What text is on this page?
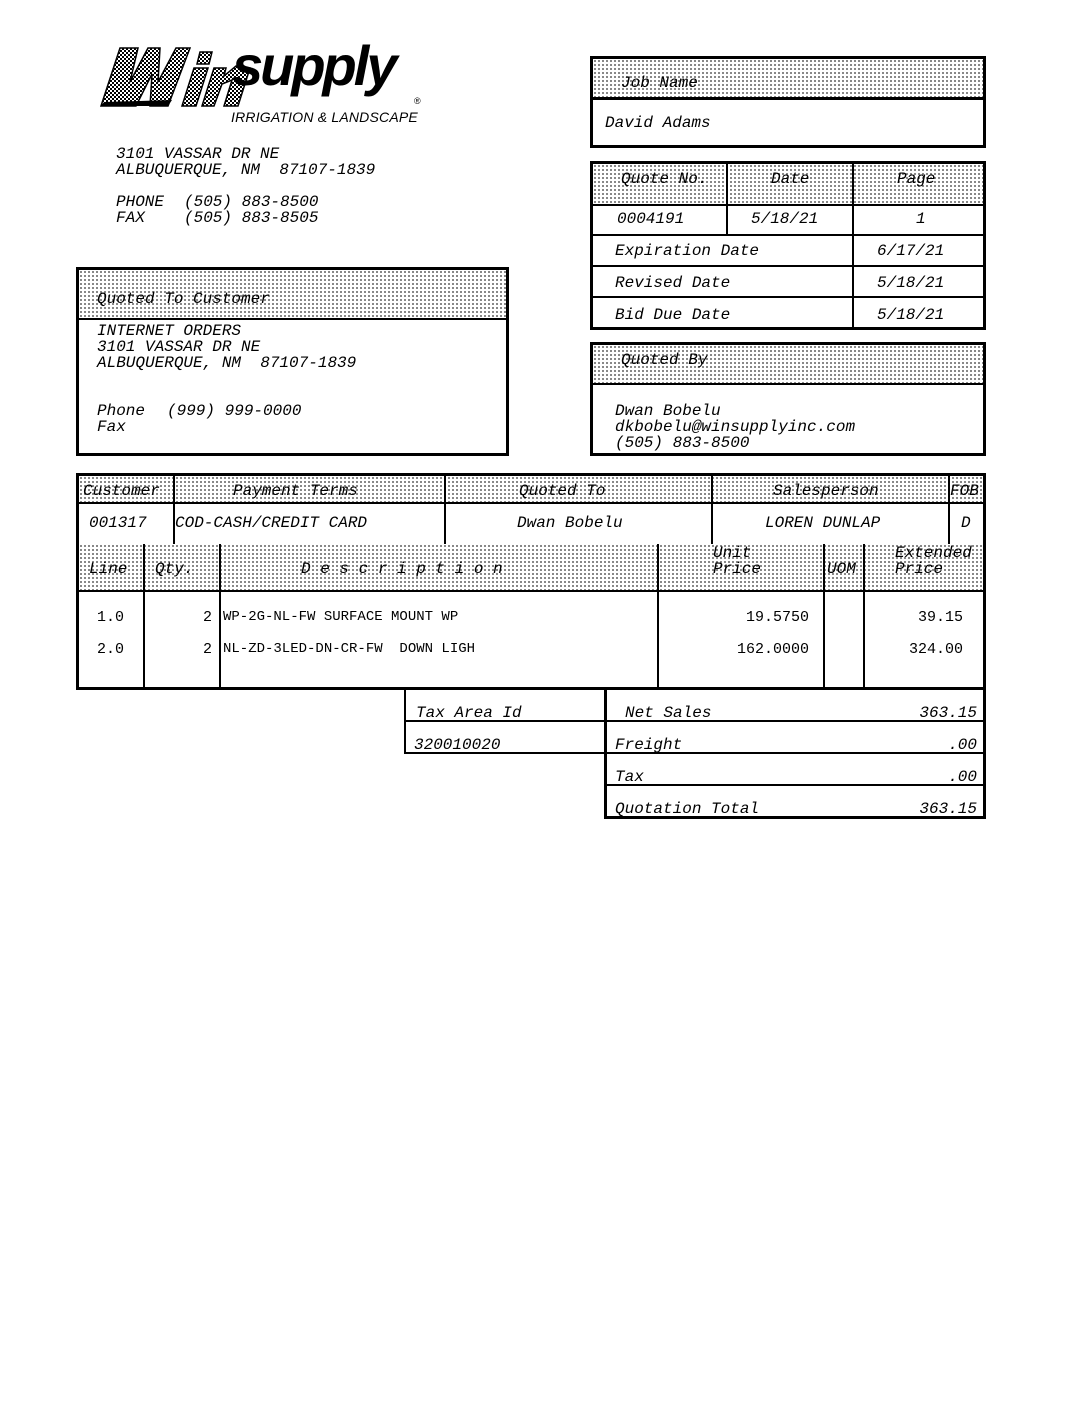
supply
®
IRRIGATION & LANDSCAPE
3101 VASSAR DR NE
ALBUQUERQUE, NM  87107-1839
PHONE (505) 883-8500
FAX (505) 883-8505
Job Name
David Adams
Quote No.	Date	Page
0004191	5/18/21	1
Expiration Date	6/17/21
Revised Date	5/18/21
Bid Due Date	5/18/21
Quoted To Customer
INTERNET ORDERS
3101 VASSAR DR NE
ALBUQUERQUE, NM  87107-1839
Phone (999) 999-0000
Fax
Quoted By
Dwan Bobelu
dkbobelu@winsupplyinc.com
(505) 883-8500
Customer	Payment Terms	Quoted To	Salesperson	FOB
001317 COD-CASH/CREDIT CARD	Dwan Bobelu	LOREN DUNLAP	D
Line Qty.	D e s c r i p t i o n
Unit
Price	UOM
Extended
Price
1.0	2 WP-2G-NL-FW SURFACE MOUNT WP	19.5750	39.15
2.0	2 NL-ZD-3LED-DN-CR-FW  DOWN LIGH	162.0000	324.00
Tax Area Id
320010020
Net Sales	363.15
Freight	.00
Tax	.00
Quotation Total	363.15
